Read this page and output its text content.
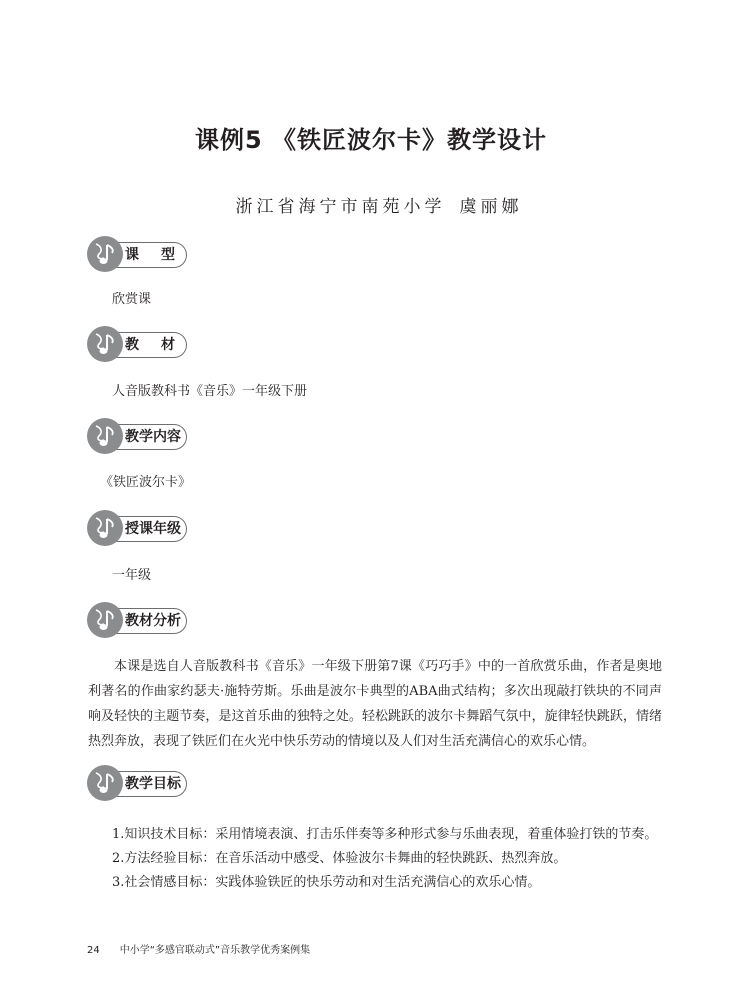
课例5 《铁匠波尔卡》教学设计
浙江省海宁市南苑小学 虞丽娜
课型
欣赏课
教材
人音版教科书《音乐》一年级下册
教学内容
《铁匠波尔卡》
授课年级
一年级
教材分析
本课是选自人音版教科书《音乐》一年级下册第7课《巧巧手》中的一首欣赏乐曲，作者是奥地利著名的作曲家约瑟夫·施特劳斯。乐曲是波尔卡典型的ABA曲式结构；多次出现敲打铁块的不同声响及轻快的主题节奏，是这首乐曲的独特之处。轻松跳跃的波尔卡舞蹈气氛中，旋律轻快跳跃，情绪热烈奔放，表现了铁匠们在火光中快乐劳动的情境以及人们对生活充满信心的欢乐心情。
教学目标
1.知识技术目标：采用情境表演、打击乐伴奏等多种形式参与乐曲表现，着重体验打铁的节奏。
2.方法经验目标：在音乐活动中感受、体验波尔卡舞曲的轻快跳跃、热烈奔放。
3.社会情感目标：实践体验铁匠的快乐劳动和对生活充满信心的欢乐心情。
24 中小学“多感官联动式”音乐教学优秀案例集
